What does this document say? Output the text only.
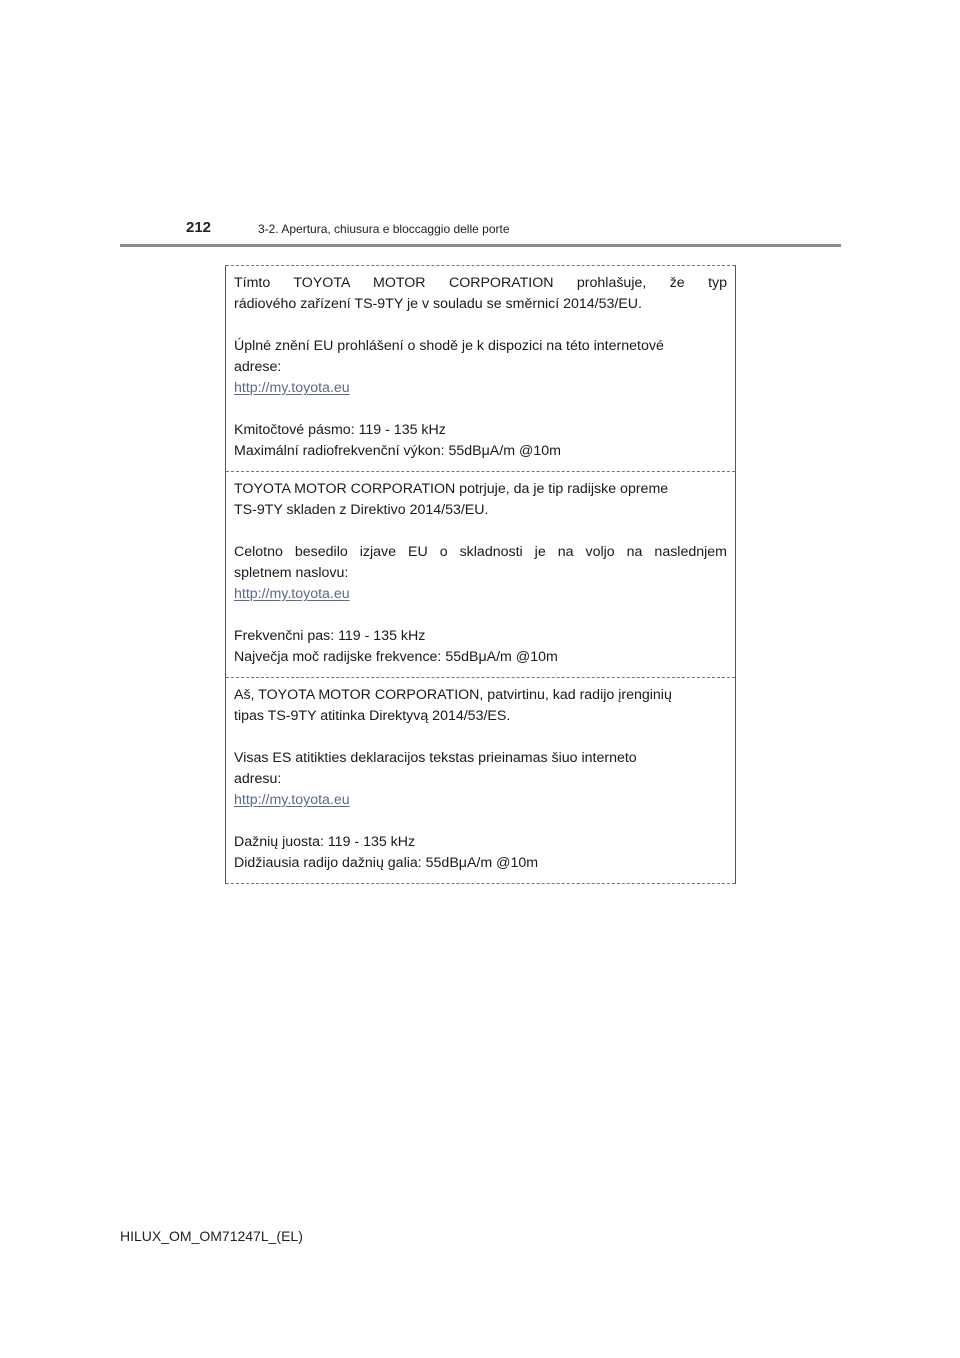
212	3-2. Apertura, chiusura e bloccaggio delle porte

Tímto TOYOTA MOTOR CORPORATION prohlašuje, že typ

rádiového zařízení TS-9TY je v souladu se směrnicí 2014/53/EU.

Úplné znění EU prohlášení o shodě je k dispozici na této internetové

adrese:

http://my.toyota.eu

Kmitočtové pásmo: 119 - 135 kHz

Maximální radiofrekvenční výkon: 55dBμA/m @10m

TOYOTA MOTOR CORPORATION potrjuje, da je tip radijske opreme

TS-9TY skladen z Direktivo 2014/53/EU.

Celotno besedilo izjave EU o skladnosti je na voljo na naslednjem

spletnem naslovu:

http://my.toyota.eu

Frekvenčni pas: 119 - 135 kHz

Največja moč radijske frekvence: 55dBμA/m @10m

Aš, TOYOTA MOTOR CORPORATION, patvirtinu, kad radijo įrenginių

tipas TS-9TY atitinka Direktyvą 2014/53/ES.

Visas ES atitikties deklaracijos tekstas prieinamas šiuo interneto

adresu:

http://my.toyota.eu

Dažnių juosta: 119 - 135 kHz

Didžiausia radijo dažnių galia: 55dBμA/m @10m

HILUX_OM_OM71247L_(EL)
